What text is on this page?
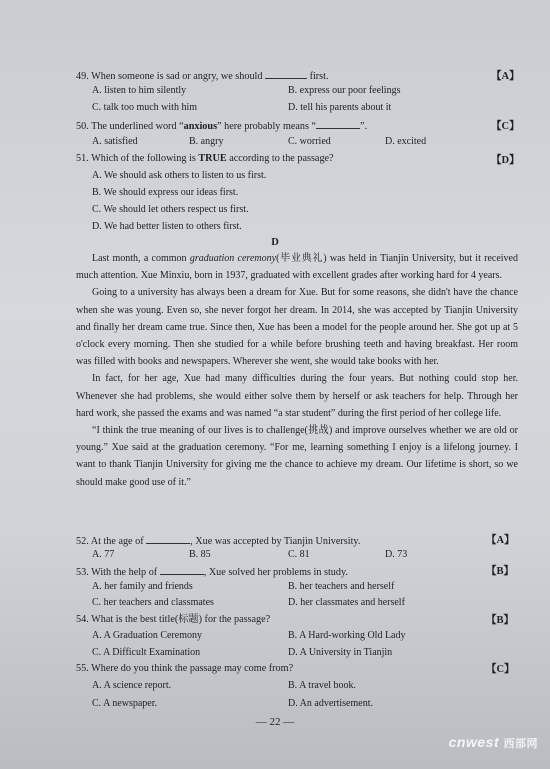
49. When someone is sad or angry, we should	first.	【A】
A. listen to him silently	B. express our poor feelings
C. talk too much with him	D. tell his parents about it
50. The underlined word “anxious” here probably means “	”.	【C】
A. satisfied	B. angry	C. worried	D. excited
51. Which of the following is TRUE according to the passage?	【D】
A. We should ask others to listen to us first.
B. We should express our ideas first.
C. We should let others respect us first.
D. We had better listen to others first.
D

Last month, a common graduation ceremony(毕业典礼) was held in Tianjin University, but it received much attention. Xue Minxiu, born in 1937, graduated with excellent grades after working hard for 4 years.

Going to a university has always been a dream for Xue. But for some reasons, she didn't have the chance when she was young. Even so, she never forgot her dream. In 2014, she was accepted by Tianjin University and finally her dream came true. Since then, Xue has been a model for the people around her. She got up at 5 o'clock every morning. Then she studied for a while before brushing teeth and having breakfast. Her room was filled with books and newspapers. Wherever she went, she would take books with her.

In fact, for her age, Xue had many difficulties during the four years. But nothing could stop her. Whenever she had problems, she would either solve them by herself or ask teachers for help. Through her hard work, she passed the exams and was named “a star student” during the first period of her college life.

“I think the true meaning of our lives is to challenge(挑战) and improve ourselves whether we are old or young.” Xue said at the graduation ceremony. “For me, learning something I enjoy is a lifelong journey. I want to thank Tianjin University for giving me the chance to achieve my dream. Our lifetime is short, so we should make good use of it.”

52. At the age of	, Xue was accepted by Tianjin University.	【A】
A. 77	B. 85	C. 81	D. 73
53. With the help of	, Xue solved her problems in study.	【B】
A. her family and friends	B. her teachers and herself
C. her teachers and classmates	D. her classmates and herself
54. What is the best title(标题) for the passage?	【B】
A. A Graduation Ceremony	B. A Hard-working Old Lady
C. A Difficult Examination	D. A University in Tianjin
55. Where do you think the passage may come from?	【C】
A. A science report.	B. A travel book.
C. A newspaper.	D. An advertisement.
— 22 —
cnwest 西部网
